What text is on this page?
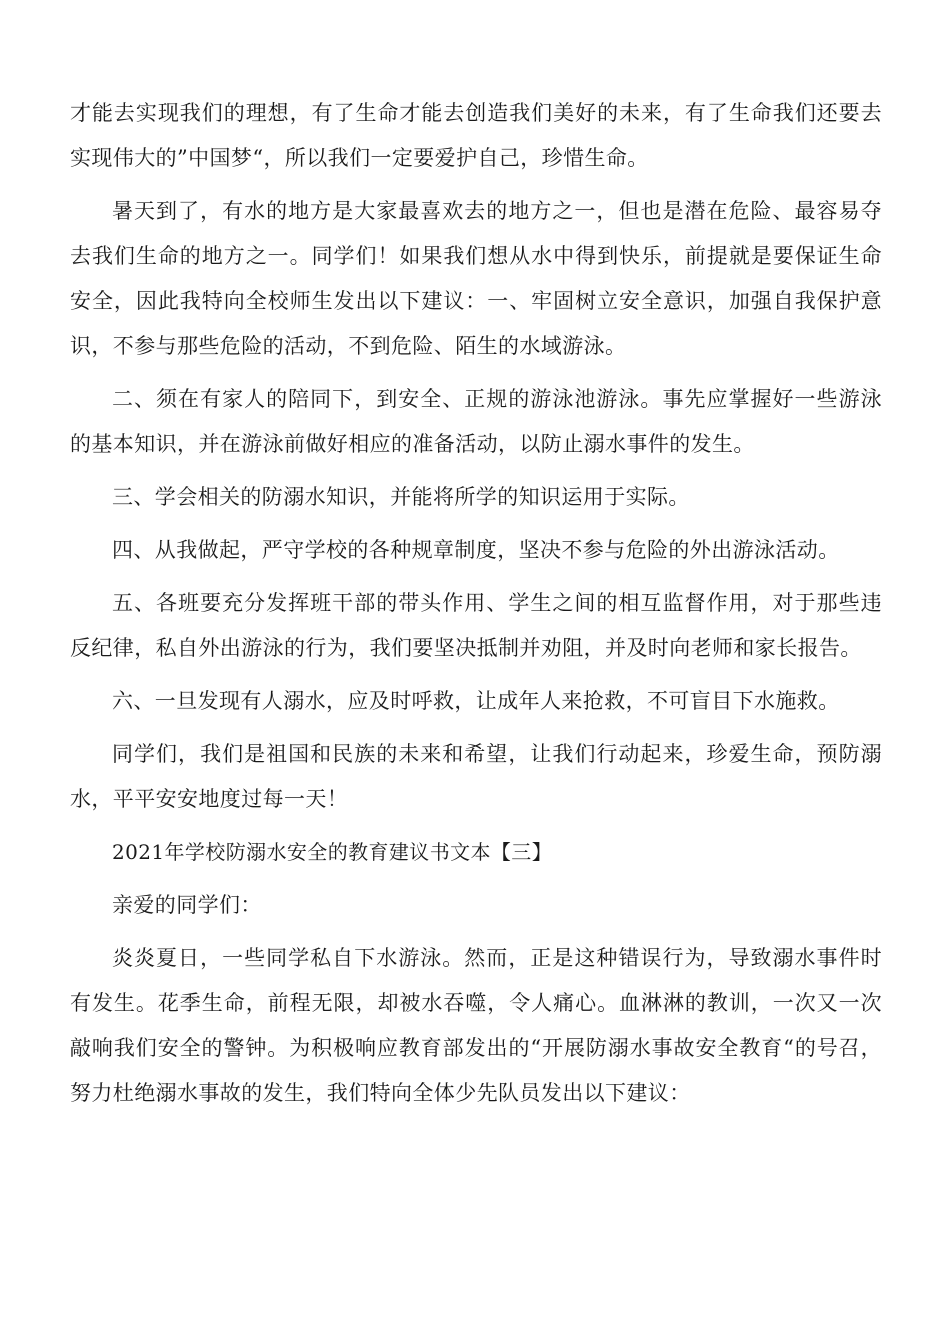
才能去实现我们的理想，有了生命才能去创造我们美好的未来，有了生命我们还要去实现伟大的”中国梦“，所以我们一定要爱护自己，珍惜生命。

暑天到了，有水的地方是大家最喜欢去的地方之一，但也是潜在危险、最容易夺去我们生命的地方之一。同学们！如果我们想从水中得到快乐，前提就是要保证生命安全，因此我特向全校师生发出以下建议：一、牢固树立安全意识，加强自我保护意识，不参与那些危险的活动，不到危险、陌生的水域游泳。

二、须在有家人的陪同下，到安全、正规的游泳池游泳。事先应掌握好一些游泳的基本知识，并在游泳前做好相应的准备活动，以防止溺水事件的发生。

三、学会相关的防溺水知识，并能将所学的知识运用于实际。

四、从我做起，严守学校的各种规章制度，坚决不参与危险的外出游泳活动。

五、各班要充分发挥班干部的带头作用、学生之间的相互监督作用，对于那些违反纪律，私自外出游泳的行为，我们要坚决抵制并劝阻，并及时向老师和家长报告。

六、一旦发现有人溺水，应及时呼救，让成年人来抢救，不可盲目下水施救。

同学们，我们是祖国和民族的未来和希望，让我们行动起来，珍爱生命，预防溺水，平平安安地度过每一天！

2021年学校防溺水安全的教育建议书文本【三】

亲爱的同学们：

炎炎夏日，一些同学私自下水游泳。然而，正是这种错误行为，导致溺水事件时有发生。花季生命，前程无限，却被水吞噬，令人痛心。血淋淋的教训，一次又一次敲响我们安全的警钟。为积极响应教育部发出的“开展防溺水事故安全教育“的号召，努力杜绝溺水事故的发生，我们特向全体少先队员发出以下建议：
